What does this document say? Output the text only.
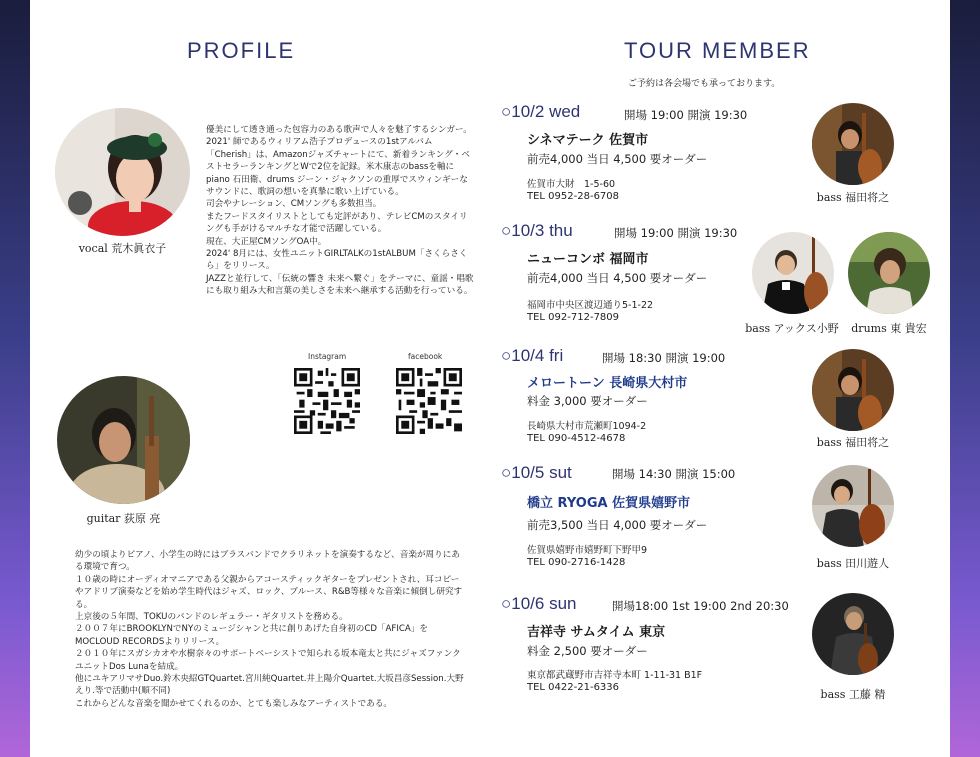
PROFILE
vocal 荒木眞衣子
優美にして透き通った包容力のある歌声で人々を魅了するシンガー。
2021' 師であるウィリアム浩子プロデュースの1stアルバム「Cherish」は、Amazonジャズチャートにて、新着ランキング・ベストセラーランキングとWで2位を記録。米木康志のbassを軸にpiano 石田衛、drums ジーン・ジャクソンの重厚でスウィンギーなサウンドに、歌詞の想いを真摯に歌い上げている。
司会やナレーション、CMソングも多数担当。
またフードスタイリストとしても定評があり、テレビCMのスタイリングも手がけるマルチな才能で活躍している。
現在、大正屋CMソングOA中。
2024' 8月には、女性ユニットGIRLTALKの1stALBUM「さくらさくら」をリリース。
JAZZと並行して、「伝統の響き 未来へ繋ぐ」をテーマに、童謡・唱歌にも取り組み大和言葉の美しさを未来へ継承する活動を行っている。
Instagram	facebook
guitar 荻原 亮
幼少の頃よりピアノ、小学生の時にはブラスバンドでクラリネットを演奏するなど、音楽が周りにある環境で育つ。
１０歳の時にオーディオマニアである父親からアコースティックギターをプレゼントされ、耳コピーやアドリブ演奏などを始め学生時代はジャズ、ロック、ブルース、R&B等様々な音楽に傾倒し研究する。
上京後の５年間、TOKUのバンドのレギュラー・ギタリストを務める。
２００７年にBROOKLYNでNYのミュージシャンと共に創りあげた自身初のCD「AFICA」をMOCLOUD RECORDSよりリリース。
２０１０年にスガシカオや水樹奈々のサポートベーシストで知られる坂本竜太と共にジャズファンクユニットDos Lunaを結成。
他にユキアリマサDuo.鈴木央紹GTQuartet.宮川純Quartet.井上陽介Quartet.大坂昌彦Session.大野えり.等で活動中(順不同)
これからどんな音楽を聞かせてくれるのか、とても楽しみなアーティストである。
TOUR MEMBER
ご予約は各会場でも承っております。
○10/2 wed	開場 19:00 開演 19:30
シネマテーク 佐賀市
前売4,000 当日 4,500 要オーダー
佐賀市大財　1-5-60
TEL 0952-28-6708
○10/3 thu	開場 19:00 開演 19:30
ニューコンボ 福岡市
前売4,000 当日 4,500 要オーダー
福岡市中央区渡辺通り5-1-22
TEL 092-712-7809
○10/4 fri	開場 18:30 開演 19:00
メロートーン 長崎県大村市
料金 3,000 要オーダー
長崎県大村市荒瀬町1094-2
TEL 090-4512-4678
○10/5 sut	開場 14:30 開演 15:00
橋立 RYOGA 佐賀県嬉野市
前売3,500 当日 4,000 要オーダー
佐賀県嬉野市嬉野町下野甲9
TEL 090-2716-1428
○10/6 sun	開場18:00 1st 19:00 2nd 20:30
吉祥寺 サムタイム 東京
料金 2,500 要オーダー
東京都武蔵野市吉祥寺本町 1-11-31 B1F
TEL 0422-21-6336
bass 福田将之
bass アックス小野	drums 東 貴宏
bass 福田将之
bass 田川遊人
bass 工藤 精
